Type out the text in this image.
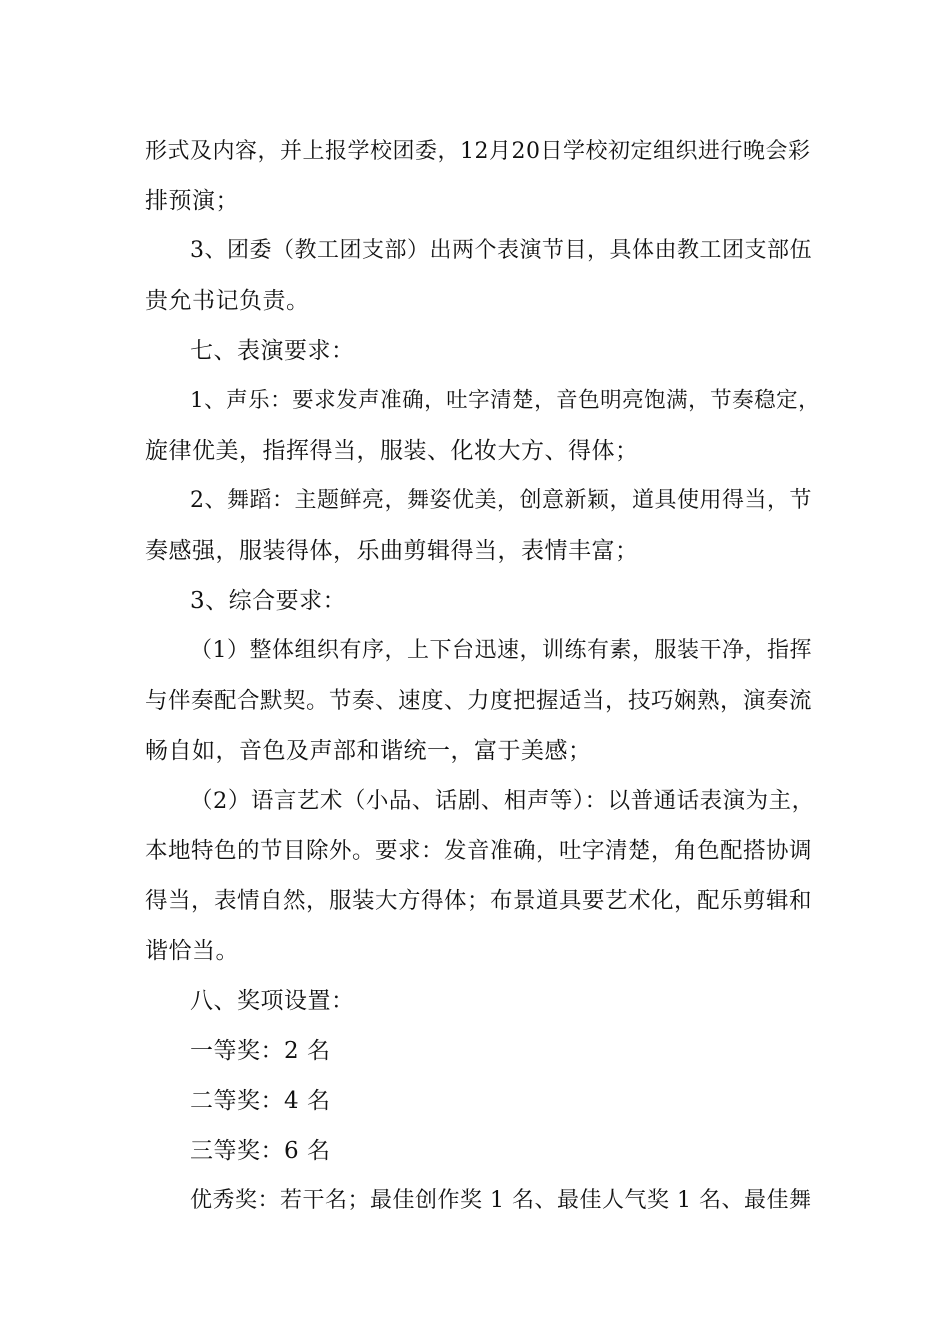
形式及内容，并上报学校团委，12月20日学校初定组织进行晚会彩
排预演；
3、团委（教工团支部）出两个表演节目，具体由教工团支部伍
贵允书记负责。
七、表演要求：
1、声乐：要求发声准确，吐字清楚，音色明亮饱满，节奏稳定，
旋律优美，指挥得当，服装、化妆大方、得体；
2、舞蹈：主题鲜亮，舞姿优美，创意新颖，道具使用得当，节
奏感强，服装得体，乐曲剪辑得当，表情丰富；
3、综合要求：
（1）整体组织有序，上下台迅速，训练有素，服装干净，指挥
与伴奏配合默契。节奏、速度、力度把握适当，技巧娴熟，演奏流
畅自如，音色及声部和谐统一，富于美感；
（2）语言艺术（小品、话剧、相声等）：以普通话表演为主，
本地特色的节目除外。要求：发音准确，吐字清楚，角色配搭协调
得当，表情自然，服装大方得体；布景道具要艺术化，配乐剪辑和
谐恰当。
八、奖项设置：
一等奖：2 名
二等奖：4 名
三等奖：6 名
优秀奖：若干名；最佳创作奖 1 名、最佳人气奖 1 名、最佳舞
